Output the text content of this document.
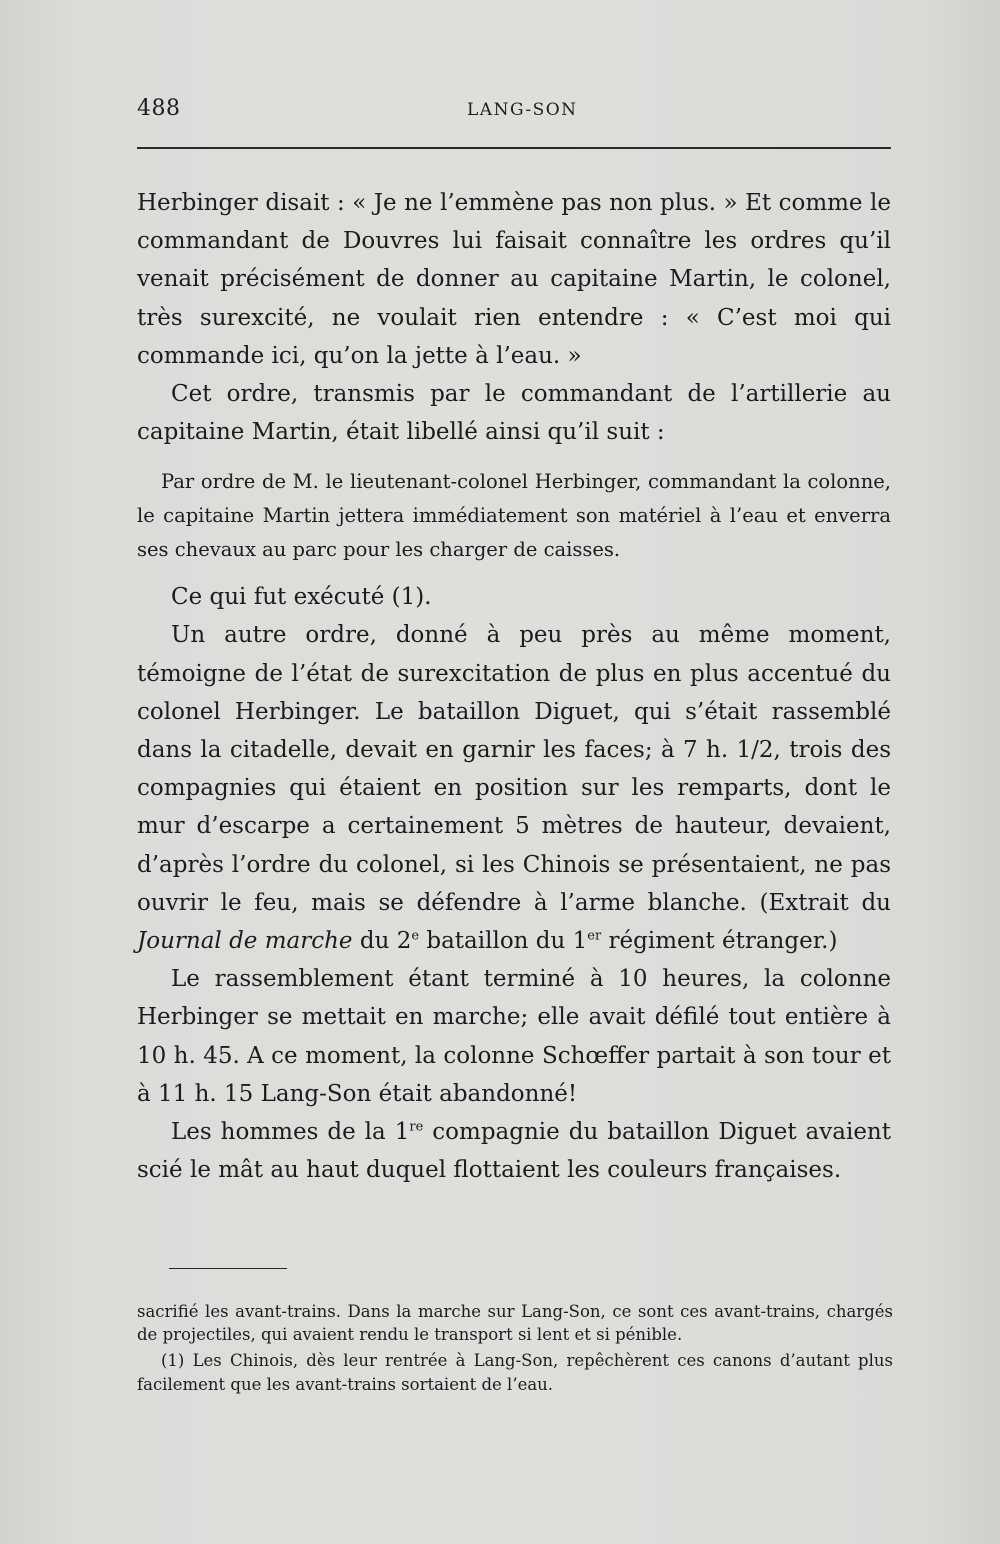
488	LANG-SON

Herbinger disait : « Je ne l’emmène pas non plus. » Et comme le commandant de Douvres lui faisait connaître les ordres qu’il venait précisément de donner au capitaine Martin, le colonel, très surexcité, ne voulait rien entendre : « C’est moi qui commande ici, qu’on la jette à l’eau. »

Cet ordre, transmis par le commandant de l’artillerie au capitaine Martin, était libellé ainsi qu’il suit :

Par ordre de M. le lieutenant-colonel Herbinger, commandant la colonne, le capitaine Martin jettera immédiatement son matériel à l’eau et enverra ses chevaux au parc pour les charger de caisses.

Ce qui fut exécuté (1).

Un autre ordre, donné à peu près au même moment, témoigne de l’état de surexcitation de plus en plus accentué du colonel Herbinger. Le bataillon Diguet, qui s’était rassemblé dans la citadelle, devait en garnir les faces; à 7 h. 1/2, trois des compagnies qui étaient en position sur les remparts, dont le mur d’escarpe a certainement 5 mètres de hauteur, devaient, d’après l’ordre du colonel, si les Chinois se présentaient, ne pas ouvrir le feu, mais se défendre à l’arme blanche. (Extrait du Journal de marche du 2e bataillon du 1er régiment étranger.)

Le rassemblement étant terminé à 10 heures, la colonne Herbinger se mettait en marche; elle avait défilé tout entière à 10 h. 45. A ce moment, la colonne Schœffer partait à son tour et à 11 h. 15 Lang-Son était abandonné!

Les hommes de la 1re compagnie du bataillon Diguet avaient scié le mât au haut duquel flottaient les couleurs françaises.

sacrifié les avant-trains. Dans la marche sur Lang-Son, ce sont ces avant-trains, chargés de projectiles, qui avaient rendu le transport si lent et si pénible.

(1) Les Chinois, dès leur rentrée à Lang-Son, repêchèrent ces canons d’autant plus facilement que les avant-trains sortaient de l’eau.
